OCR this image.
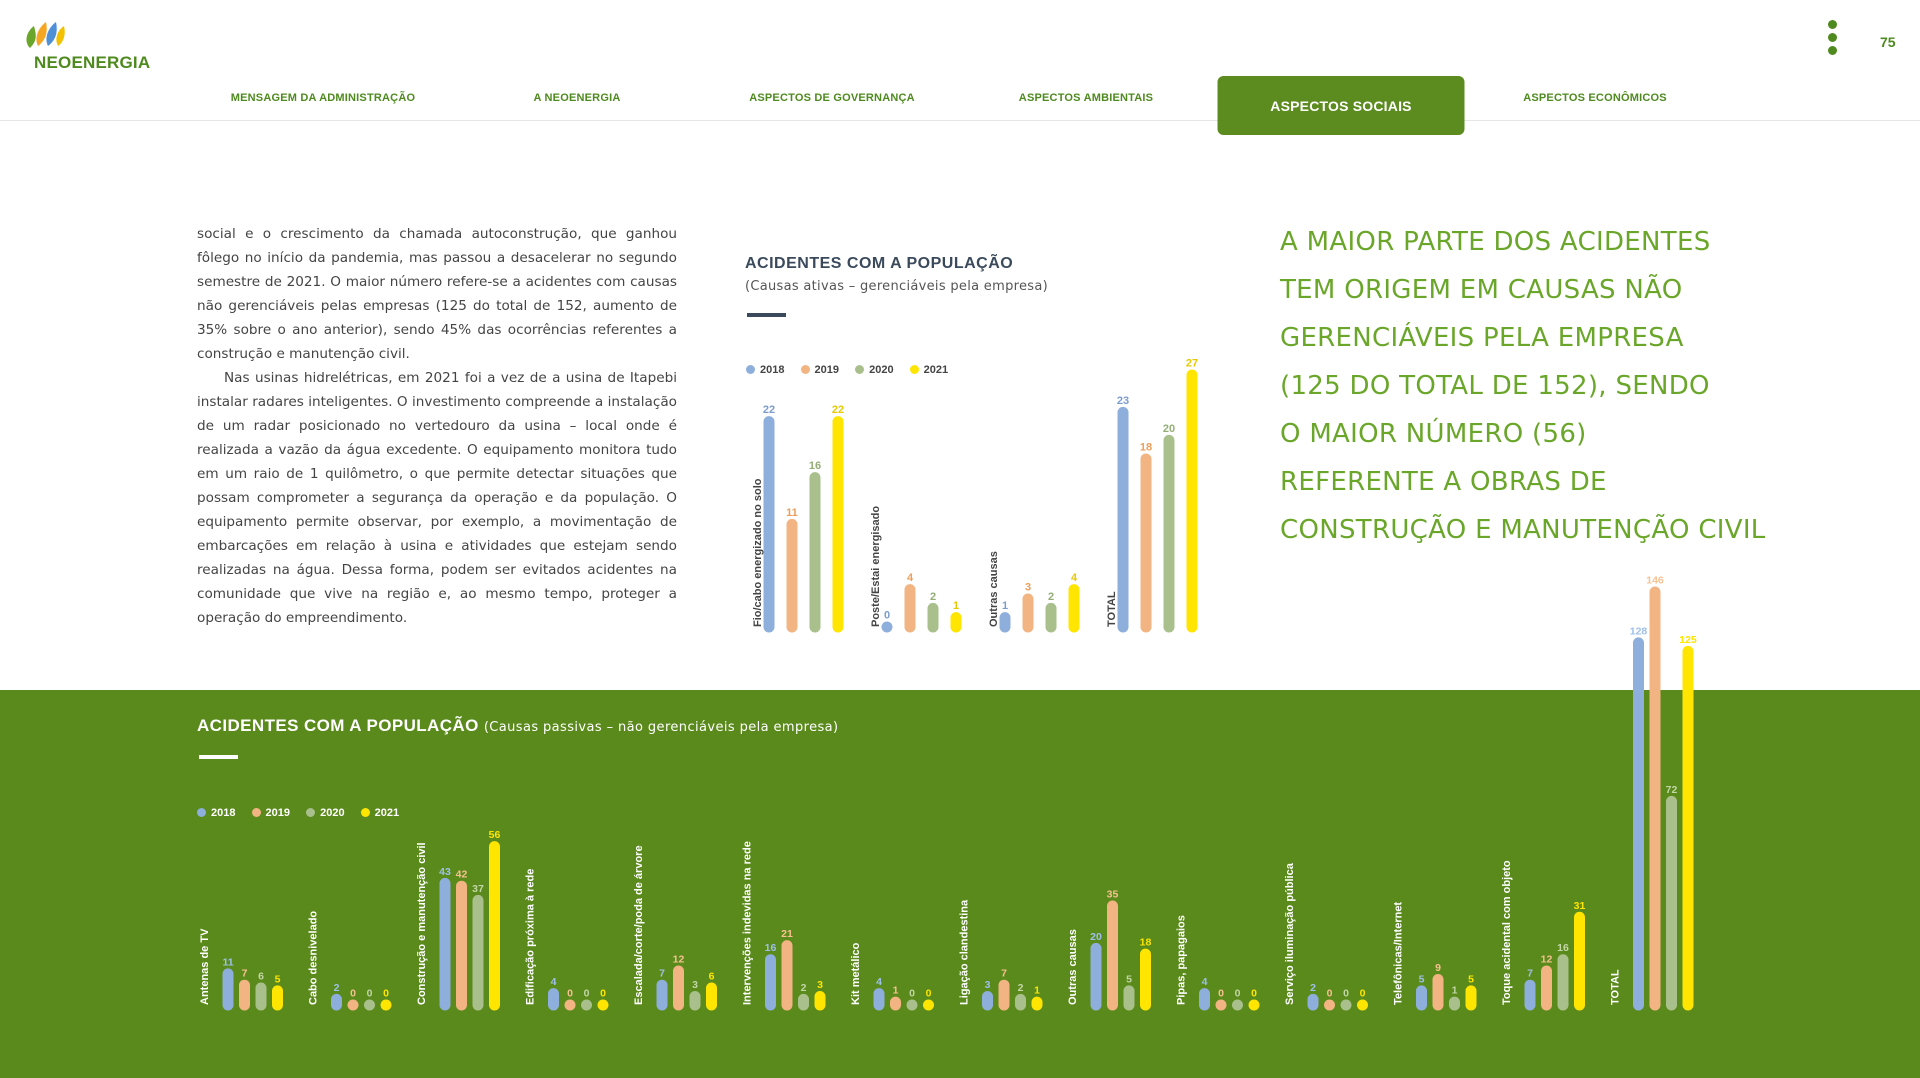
NEOENERGIA
MENSAGEM DA ADMINISTRAÇÃO	A NEOENERGIA	ASPECTOS DE GOVERNANÇA	ASPECTOS AMBIENTAIS	ASPECTOS SOCIAIS	ASPECTOS ECONÔMICOS
75

social e o crescimento da chamada autoconstrução, que ganhou fôlego no início da pandemia, mas passou a desacelerar no segundo semestre de 2021. O maior número refere-se a acidentes com causas não gerenciáveis pelas empresas (125 do total de 152, aumento de 35% sobre o ano anterior), sendo 45% das ocorrências referentes a construção e manutenção civil.

Nas usinas hidrelétricas, em 2021 foi a vez de a usina de Itapebi instalar radares inteligentes. O investimento compreende a instalação de um radar posicionado no vertedouro da usina – local onde é realizada a vazão da água excedente. O equipamento monitora tudo em um raio de 1 quilômetro, o que permite detectar situações que possam comprometer a segurança da operação e da população. O equipamento permite observar, por exemplo, a movimentação de embarcações em relação à usina e atividades que estejam sendo realizadas na água. Dessa forma, podem ser evitados acidentes na comunidade que vive na região e, ao mesmo tempo, proteger a operação do empreendimento.

ACIDENTES COM A POPULAÇÃO
(Causas ativas – gerenciáveis pela empresa)
2018	2019	2020	2021
A MAIOR PARTE DOS ACIDENTES
TEM ORIGEM EM CAUSAS NÃO
GERENCIÁVEIS PELA EMPRESA
(125 DO TOTAL DE 152), SENDO
O MAIOR NÚMERO (56)
REFERENTE A OBRAS DE
CONSTRUÇÃO E MANUTENÇÃO CIVIL
ACIDENTES COM A POPULAÇÃO (Causas passivas – não gerenciáveis pela empresa)
2018	2019	2020	2021
Fio/cabo energizado no solo
22
11
16
22
Poste/Estai energisado 0
4
2
1	Outras causas 1
3
2
4
TOTAL
23
18
20
27
Antenas de TV 11
7 6 5 Cabo desnivelado 2 0 0 0 Construção e manutenção civil 43 42
37
56
Edificação próxima à rede 4
0 0 0 Escalada/corte/poda de árvore 7
12
3
6 Intervenções indevidas na rede 16
21
2 3 Kit metálico 4
1 0 0 Ligação clandestina 3
7
2 1 Outras causas 20
35
5
18 Pipas, papagaios 4
0 0 0 Serviço iluminação pública 2 0 0 0 Telefônicas/Internet 5
9
1
5 Toque acidental com objeto 7
12
16
31
TOTAL
128
146
72
125
